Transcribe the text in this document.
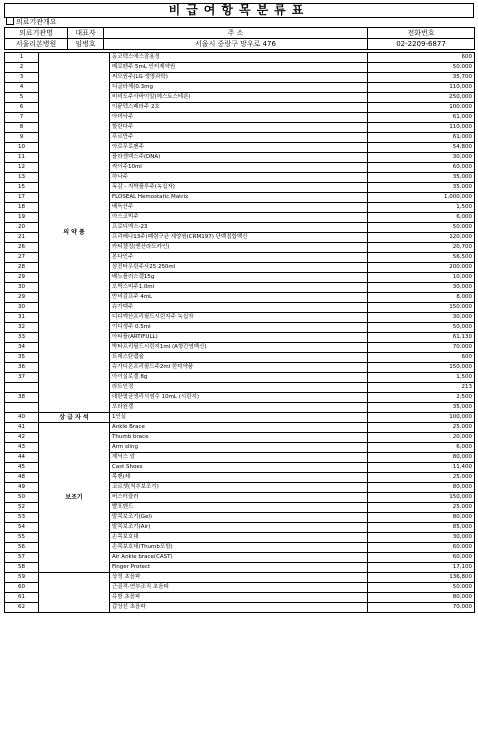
비급여항목분류표
의료기관개요
의료기관명	대표자	주 소	전화번호
서울리본병원	임병호	서울시 중랑구 망우로 476	02-2209-6877
1	의 약 품	동코텍스에스잠용정	600
2		메로펜주 5mL 인터제약원	50,000
3		써모원주(LG 생명과학)	35,700
4		디글라제(0.3mg	110,000
5		비비도주사바이알(메스토스테론)	250,000
6		이뮨텍스페라주 2호	100,000
7		아미낙주	61,000
8		할란다주	110,000
9		푸르만주	61,000
10		아로무로펜주	54,800
11		플라센덱스주(DNA)	30,000
12		싸이주10ml	60,000
13		하나주	35,000
15		독감 - 지박플루주(녹십자)	35,000
17		FLOSEAL Hemostatic Matrix	1,000,000
18		베득산주	1,500
19		아스코빅주	6,000
20		프로디엑스-23	50,000
21		프리베나13주(폐렴구균 세양원(CRM197) 단백접합백신	120,000
26		카티젤정(엔산라도카인)	20,700
27		본다인주	56,500
28		삼진타우린주사25 250ml	200,000
29		베노플러스겔15g	10,000
30		오박스비주1.0ml	30,000
29		반비검프주 4mL	8,000
30		슈가덱주	150,000
31		디디엑산프리필드시린지주 녹십자	30,000
32		이디생주 0.5ml	50,000
33		아티플(ARTIFULL)	61,130
34		박타프리필드시린지1ml (A형간염백신)	70,000
35		트레스탄캡슐	600
36		슈가디온프리필드주2ml 한미약품	150,000
37		아이실로겔 8g	1,500
		라트인정	213
38		대한멸균생리식염수 10mL (시린지)	2,500
		오라원겔	35,000
40	상 급 자 석	1인실	100,000
41	보조기	Ankle Brace	25,000
42		Thumb brace	20,000
43		Arm sling	6,000
44		제닉스 암	80,000
45		Cast Shoes	11,400
48		목밴(쇄	25,000
49		코르셋(척추보조기)	80,000
50		버스터클러	150,000
52		빨포밴드	25,000
53		발목보조기(Gel)	80,000
54		발목보조기(Air)	85,000
55		손목보호대	30,000
56		손목보호대(Thumb포함)	60,000
57		Air Ankle brace(CAST)	60,000
58		Finger Protect	17,100
59		상정 초음파	136,800
60		근골격-연부조직 초음파	50,000
61		유방 초음파	80,000
62		갑상선 초음파	70,000
